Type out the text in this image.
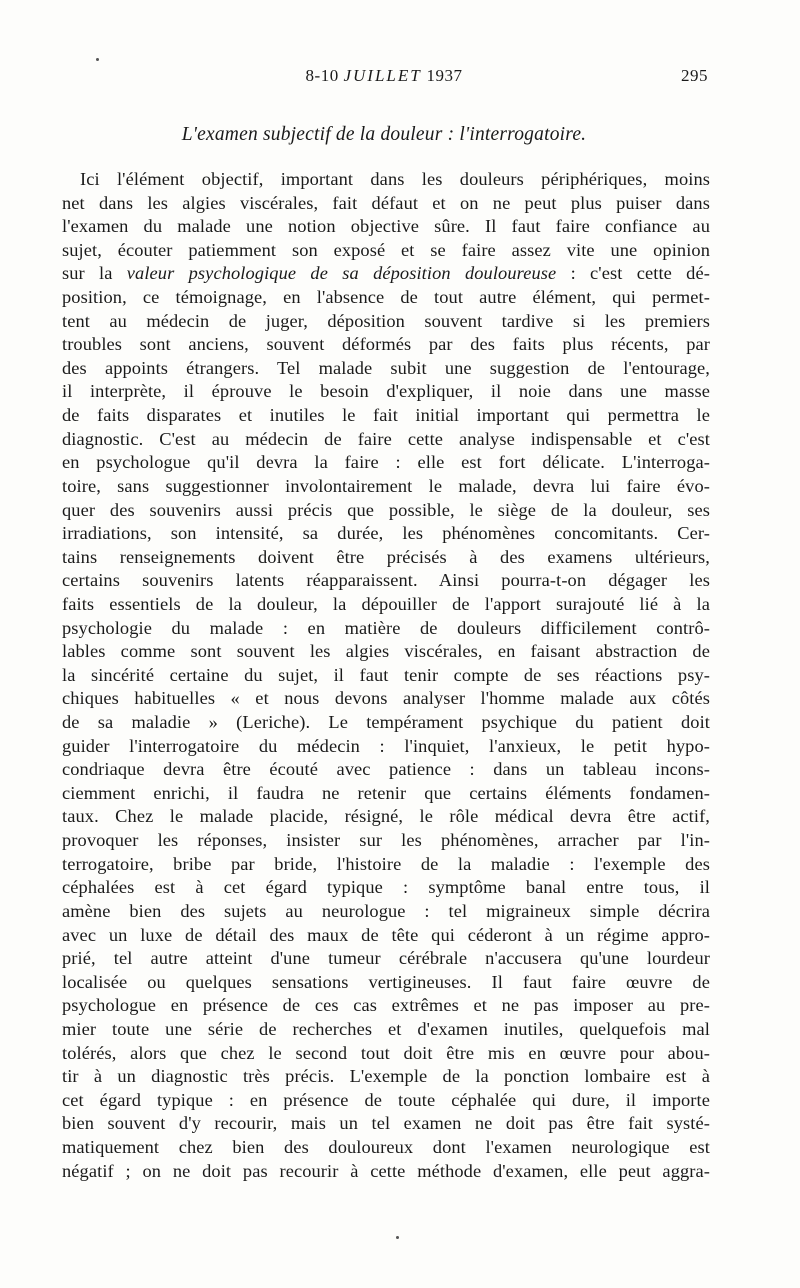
8-10 JUILLET 1937	295
L'examen subjectif de la douleur : l'interrogatoire.
Ici l'élément objectif, important dans les douleurs périphériques, moins
net dans les algies viscérales, fait défaut et on ne peut plus puiser dans
l'examen du malade une notion objective sûre. Il faut faire confiance au
sujet, écouter patiemment son exposé et se faire assez vite une opinion
sur la valeur psychologique de sa déposition douloureuse : c'est cette dé-
position, ce témoignage, en l'absence de tout autre élément, qui permet-
tent au médecin de juger, déposition souvent tardive si les premiers
troubles sont anciens, souvent déformés par des faits plus récents, par
des appoints étrangers. Tel malade subit une suggestion de l'entourage,
il interprète, il éprouve le besoin d'expliquer, il noie dans une masse
de faits disparates et inutiles le fait initial important qui permettra le
diagnostic. C'est au médecin de faire cette analyse indispensable et c'est
en psychologue qu'il devra la faire : elle est fort délicate. L'interroga-
toire, sans suggestionner involontairement le malade, devra lui faire évo-
quer des souvenirs aussi précis que possible, le siège de la douleur, ses
irradiations, son intensité, sa durée, les phénomènes concomitants. Cer-
tains renseignements doivent être précisés à des examens ultérieurs,
certains souvenirs latents réapparaissent. Ainsi pourra-t-on dégager les
faits essentiels de la douleur, la dépouiller de l'apport surajouté lié à la
psychologie du malade : en matière de douleurs difficilement contrô-
lables comme sont souvent les algies viscérales, en faisant abstraction de
la sincérité certaine du sujet, il faut tenir compte de ses réactions psy-
chiques habituelles « et nous devons analyser l'homme malade aux côtés
de sa maladie » (Leriche). Le tempérament psychique du patient doit
guider l'interrogatoire du médecin : l'inquiet, l'anxieux, le petit hypo-
condriaque devra être écouté avec patience : dans un tableau incons-
ciemment enrichi, il faudra ne retenir que certains éléments fondamen-
taux. Chez le malade placide, résigné, le rôle médical devra être actif,
provoquer les réponses, insister sur les phénomènes, arracher par l'in-
terrogatoire, bribe par bride, l'histoire de la maladie : l'exemple des
céphalées est à cet égard typique : symptôme banal entre tous, il
amène bien des sujets au neurologue : tel migraineux simple décrira
avec un luxe de détail des maux de tête qui céderont à un régime appro-
prié, tel autre atteint d'une tumeur cérébrale n'accusera qu'une lourdeur
localisée ou quelques sensations vertigineuses. Il faut faire œuvre de
psychologue en présence de ces cas extrêmes et ne pas imposer au pre-
mier toute une série de recherches et d'examen inutiles, quelquefois mal
tolérés, alors que chez le second tout doit être mis en œuvre pour abou-
tir à un diagnostic très précis. L'exemple de la ponction lombaire est à
cet égard typique : en présence de toute céphalée qui dure, il importe
bien souvent d'y recourir, mais un tel examen ne doit pas être fait systé-
matiquement chez bien des douloureux dont l'examen neurologique est
négatif ; on ne doit pas recourir à cette méthode d'examen, elle peut aggra-
